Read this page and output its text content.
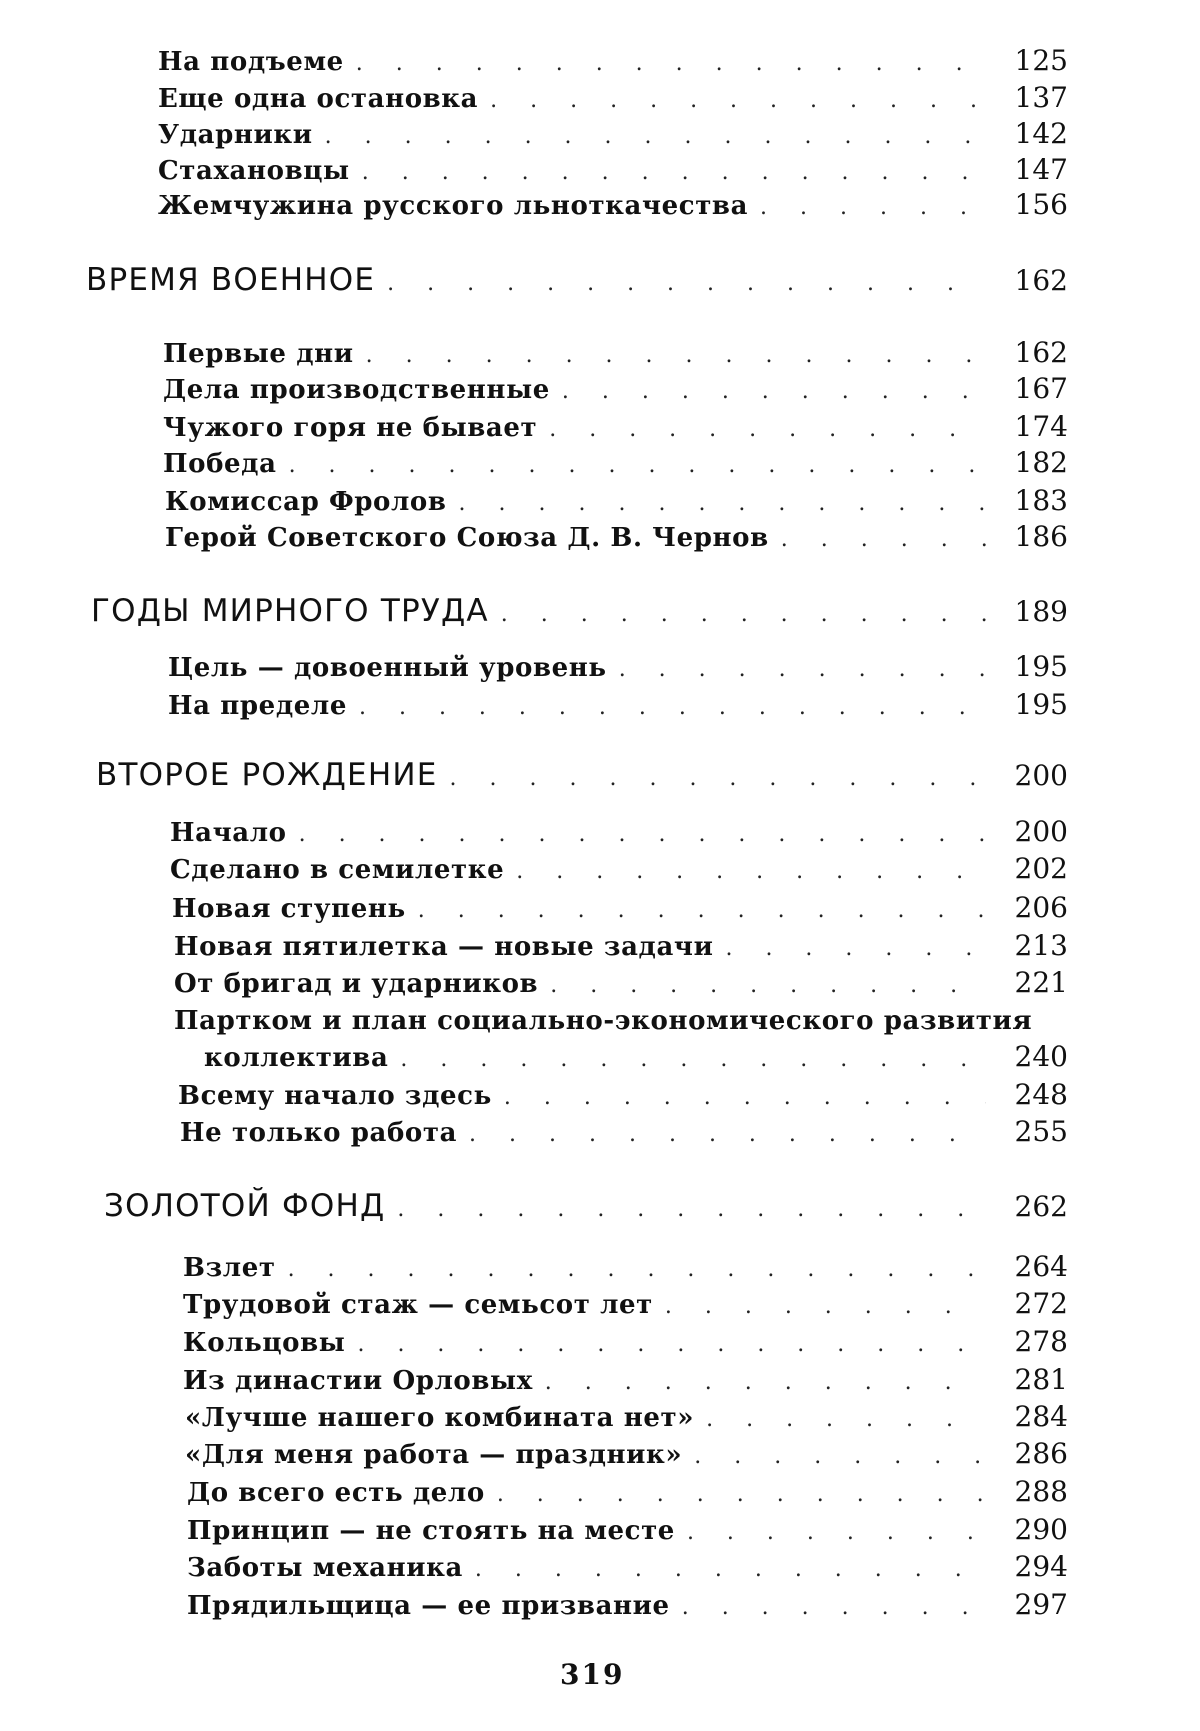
На подъеме . . .	125
Еще одна остановка . . .	137
Ударники . . .	142
Стахановцы . . .	147
Жемчужина русского льноткачества . . .	156
ВРЕМЯ ВОЕННОЕ . . .	162
Первые дни . . .	162
Дела производственные . . .	167
Чужого горя не бывает . . .	174
Победа . . .	182
Комиссар Фролов . . .	183
Герой Советского Союза Д. В. Чернов . . .	186
ГОДЫ МИРНОГО ТРУДА . . .	189
Цель — довоенный уровень . . .	195
На пределе . . .	195
ВТОРОЕ РОЖДЕНИЕ . . .	200
Начало . . .	200
Сделано в семилетке . . .	202
Новая ступень . . .	206
Новая пятилетка — новые задачи . . .	213
От бригад и ударников . . .	221
Партком и план социально-экономического развития
коллектива . . .	240
Всему начало здесь . . .	248
Не только работа . . .	255
ЗОЛОТОЙ ФОНД . . .	262
Взлет . . .	264
Трудовой стаж — семьсот лет . . .	272
Кольцовы . . .	278
Из династии Орловых . . .	281
«Лучше нашего комбината нет» . . .	284
«Для меня работа — праздник» . . .	286
До всего есть дело . . .	288
Принцип — не стоять на месте . . .	290
Заботы механика . . .	294
Прядильщица — ее призвание . . .	297
319
